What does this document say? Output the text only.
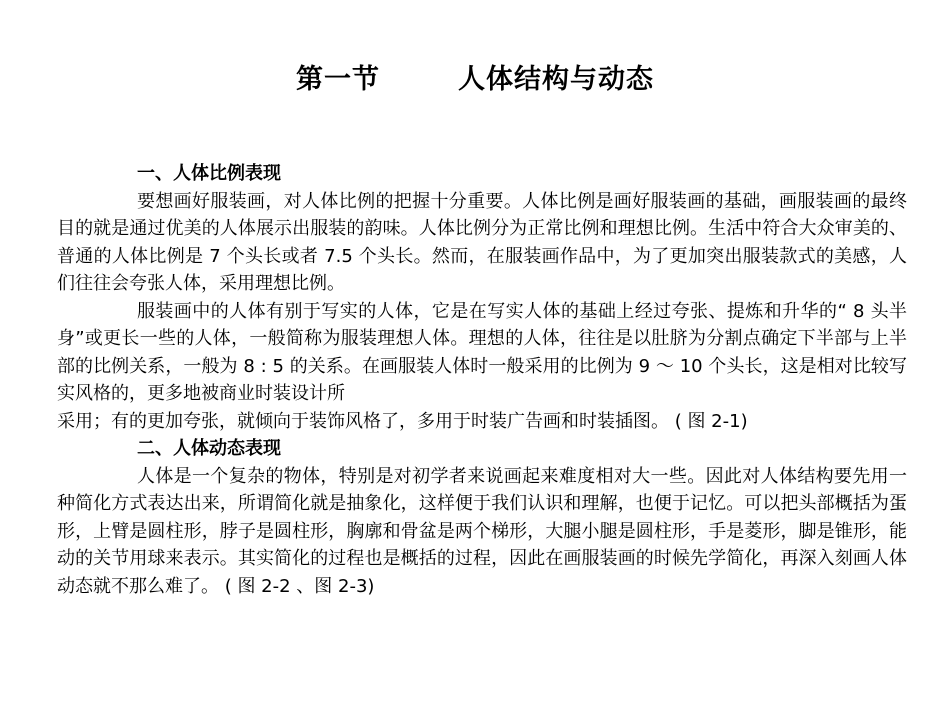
第一节	人体结构与动态

一、人体比例表现

要想画好服装画，对人体比例的把握十分重要。人体比例是画好服装画的基础，画服装画的最终目的就是通过优美的人体展示出服装的韵味。人体比例分为正常比例和理想比例。生活中符合大众审美的、普通的人体比例是 7 个头长或者 7.5 个头长。然而，在服装画作品中，为了更加突出服装款式的美感，人们往往会夸张人体，采用理想比例。

服装画中的人体有别于写实的人体，它是在写实人体的基础上经过夸张、提炼和升华的“ 8 头半身”或更长一些的人体，一般简称为服装理想人体。理想的人体，往往是以肚脐为分割点确定下半部与上半部的比例关系，一般为 8 : 5 的关系。在画服装人体时一般采用的比例为 9 ～ 10 个头长，这是相对比较写实风格的，更多地被商业时装设计所
采用；有的更加夸张，就倾向于装饰风格了，多用于时装广告画和时装插图。 ( 图 2-1)

二、人体动态表现

人体是一个复杂的物体，特别是对初学者来说画起来难度相对大一些。因此对人体结构要先用一种简化方式表达出来，所谓简化就是抽象化，这样便于我们认识和理解，也便于记忆。可以把头部概括为蛋形，上臂是圆柱形，脖子是圆柱形，胸廓和骨盆是两个梯形，大腿小腿是圆柱形，手是菱形，脚是锥形，能动的关节用球来表示。其实简化的过程也是概括的过程，因此在画服装画的时候先学简化，再深入刻画人体动态就不那么难了。 ( 图 2-2 、图 2-3)
